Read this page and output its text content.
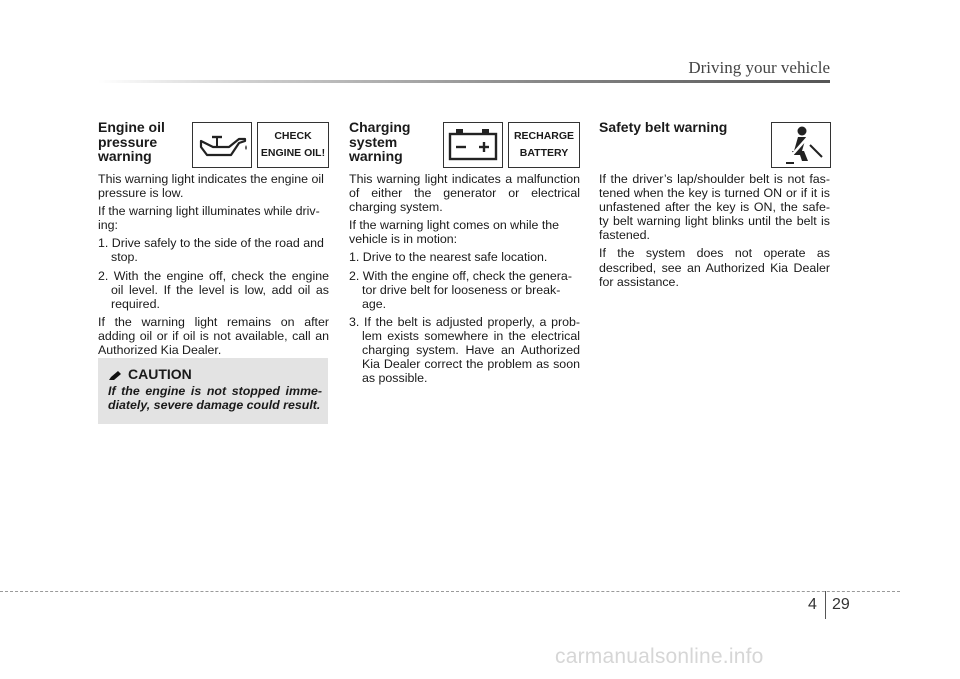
Driving your vehicle
Engine oil
pressure
warning
CHECK
ENGINE OIL!

This warning light indicates the engine oil pressure is low.

If the warning light illuminates while driv-ing:

1. Drive safely to the side of the road and stop.

2. With the engine off, check the engine oil level. If the level is low, add oil as required.

If the warning light remains on after adding oil or if oil is not available, call an Authorized Kia Dealer.

CAUTION
If the engine is not stopped imme-diately, severe damage could result.
Charging
system
warning
RECHARGE
BATTERY

This warning light indicates a malfunction of either the generator or electrical charging system.

If the warning light comes on while the vehicle is in motion:

1. Drive to the nearest safe location.

2. With the engine off, check the genera-tor drive belt for looseness or break-age.

3. If the belt is adjusted properly, a prob-lem exists somewhere in the electrical charging system. Have an Authorized Kia Dealer correct the problem as soon as possible.

Safety belt warning

If the driver’s lap/shoulder belt is not fas-tened when the key is turned ON or if it is unfastened after the key is ON, the safe-ty belt warning light blinks until the belt is fastened.

If the system does not operate as described, see an Authorized Kia Dealer for assistance.

4 29
carmanualsonline.info
